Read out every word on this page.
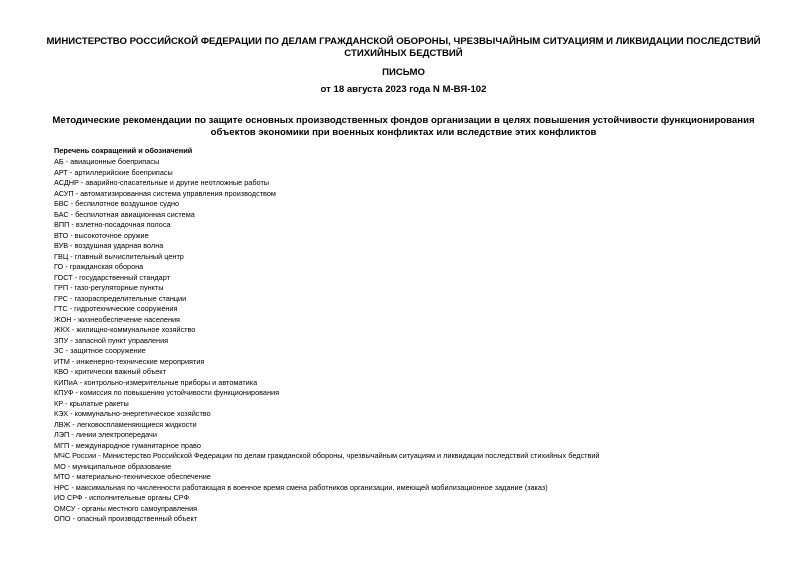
МИНИСТЕРСТВО РОССИЙСКОЙ ФЕДЕРАЦИИ ПО ДЕЛАМ ГРАЖДАНСКОЙ ОБОРОНЫ, ЧРЕЗВЫЧАЙНЫМ СИТУАЦИЯМ И ЛИКВИДАЦИИ ПОСЛЕДСТВИЙ СТИХИЙНЫХ БЕДСТВИЙ
ПИСЬМО
от 18 августа 2023 года N М-ВЯ-102
Методические рекомендации по защите основных производственных фондов организации в целях повышения устойчивости функционирования объектов экономики при военных конфликтах или вследствие этих конфликтов
Перечень сокращений и обозначений
АБ - авиационные боеприпасы
АРТ - артиллерийские боеприпасы
АСДНР - аварийно-спасательные и другие неотложные работы
АСУП - автоматизированная система управления производством
БВС - беспилотное воздушное судно
БАС - беспилотная авиационная система
ВПП - взлетно-посадочная полоса
ВТО - высокоточное оружие
ВУВ - воздушная ударная волна
ГВЦ - главный вычислительный центр
ГО - гражданская оборона
ГОСТ - государственный стандарт
ГРП - газо-регуляторные пункты
ГРС - газораспределительные станции
ГТС - гидротехнические сооружения
ЖОН - жизнеобеспечение населения
ЖКХ - жилищно-коммунальное хозяйство
ЗПУ - запасной пункт управления
ЗС - защитное сооружение
ИТМ - инженерно-технические мероприятия
КВО - критически важный объект
КИПиА - контрольно-измерительные приборы и автоматика
КПУФ - комиссия по повышению устойчивости функционирования
КР - крылатые ракеты
КЭХ - коммунально-энергетическое хозяйство
ЛВЖ - легковоспламеняющиеся жидкости
ЛЭП - линии электропередачи
МГП - международное гуманитарное право
МЧС России - Министерство Российской Федерации по делам гражданской обороны, чрезвычайным ситуациям и ликвидации последствий стихийных бедствий
МО - муниципальное образование
МТО - материально-техническое обеспечение
НРС - максимальная по численности работающая в военное время смена работников организации, имеющей мобилизационное задание (заказ)
ИО СРФ - исполнительные органы СРФ
ОМСУ - органы местного самоуправления
ОПО - опасный производственный объект
